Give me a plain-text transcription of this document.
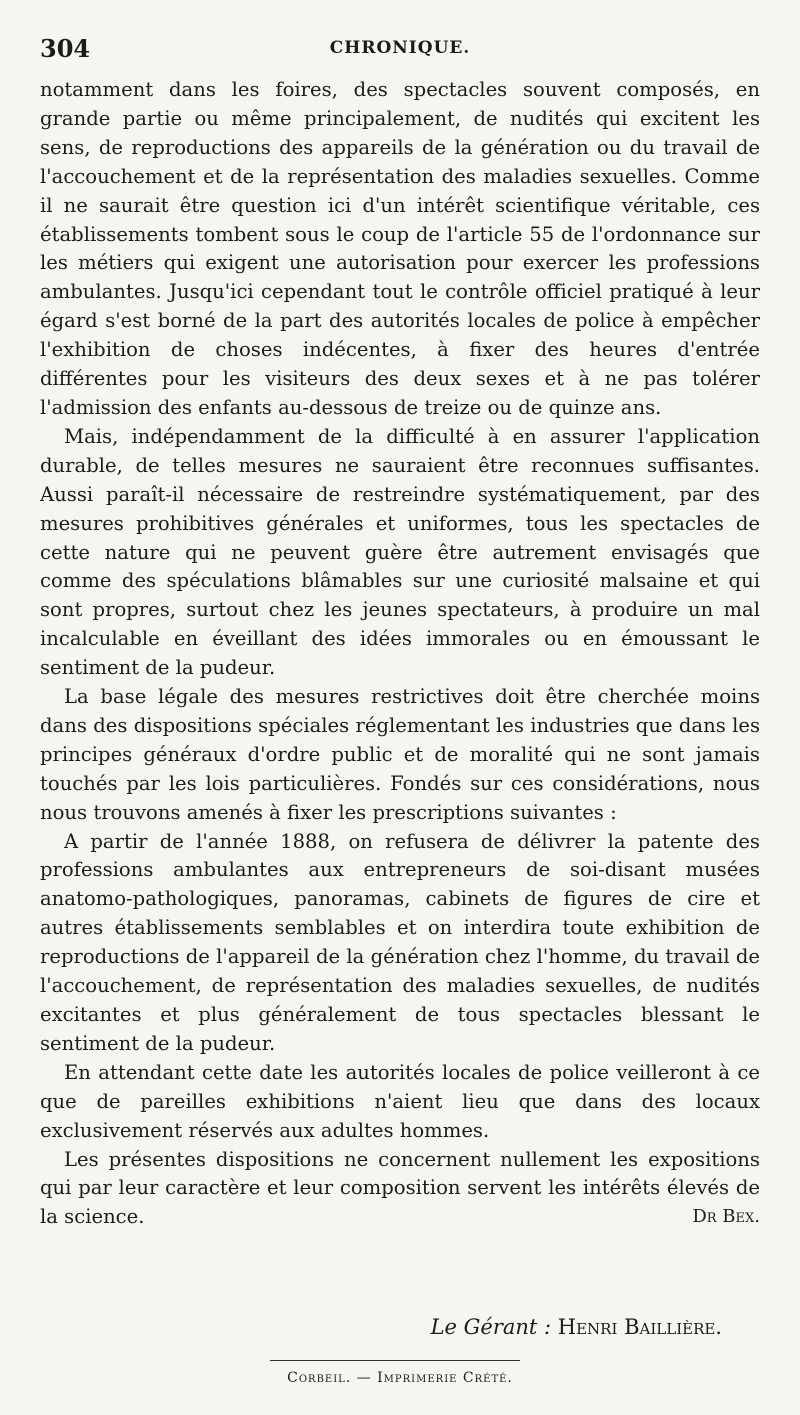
304	CHRONIQUE.

notamment dans les foires, des spectacles souvent composés, en grande partie ou même principalement, de nudités qui excitent les sens, de reproductions des appareils de la génération ou du travail de l'accouchement et de la représentation des maladies sexuelles. Comme il ne saurait être question ici d'un intérêt scientifique véritable, ces établissements tombent sous le coup de l'article 55 de l'ordonnance sur les métiers qui exigent une autorisation pour exercer les professions ambulantes. Jusqu'ici cependant tout le contrôle officiel pratiqué à leur égard s'est borné de la part des autorités locales de police à empêcher l'exhibition de choses indécentes, à fixer des heures d'entrée différentes pour les visiteurs des deux sexes et à ne pas tolérer l'admission des enfants au-dessous de treize ou de quinze ans.

Mais, indépendamment de la difficulté à en assurer l'application durable, de telles mesures ne sauraient être reconnues suffisantes. Aussi paraît-il nécessaire de restreindre systématiquement, par des mesures prohibitives générales et uniformes, tous les spectacles de cette nature qui ne peuvent guère être autrement envisagés que comme des spéculations blâmables sur une curiosité malsaine et qui sont propres, surtout chez les jeunes spectateurs, à produire un mal incalculable en éveillant des idées immorales ou en émoussant le sentiment de la pudeur.

La base légale des mesures restrictives doit être cherchée moins dans des dispositions spéciales réglementant les industries que dans les principes généraux d'ordre public et de moralité qui ne sont jamais touchés par les lois particulières. Fondés sur ces considérations, nous nous trouvons amenés à fixer les prescriptions suivantes :

A partir de l'année 1888, on refusera de délivrer la patente des professions ambulantes aux entrepreneurs de soi-disant musées anatomo-pathologiques, panoramas, cabinets de figures de cire et autres établissements semblables et on interdira toute exhibition de reproductions de l'appareil de la génération chez l'homme, du travail de l'accouchement, de représentation des maladies sexuelles, de nudités excitantes et plus généralement de tous spectacles blessant le sentiment de la pudeur.

En attendant cette date les autorités locales de police veilleront à ce que de pareilles exhibitions n'aient lieu que dans des locaux exclusivement réservés aux adultes hommes.

Les présentes dispositions ne concernent nullement les expositions qui par leur caractère et leur composition servent les intérêts élevés de la science.	Dr Bex.

Le Gérant : Henri Baillière.
Corbeil. — Imprimerie Crété.
